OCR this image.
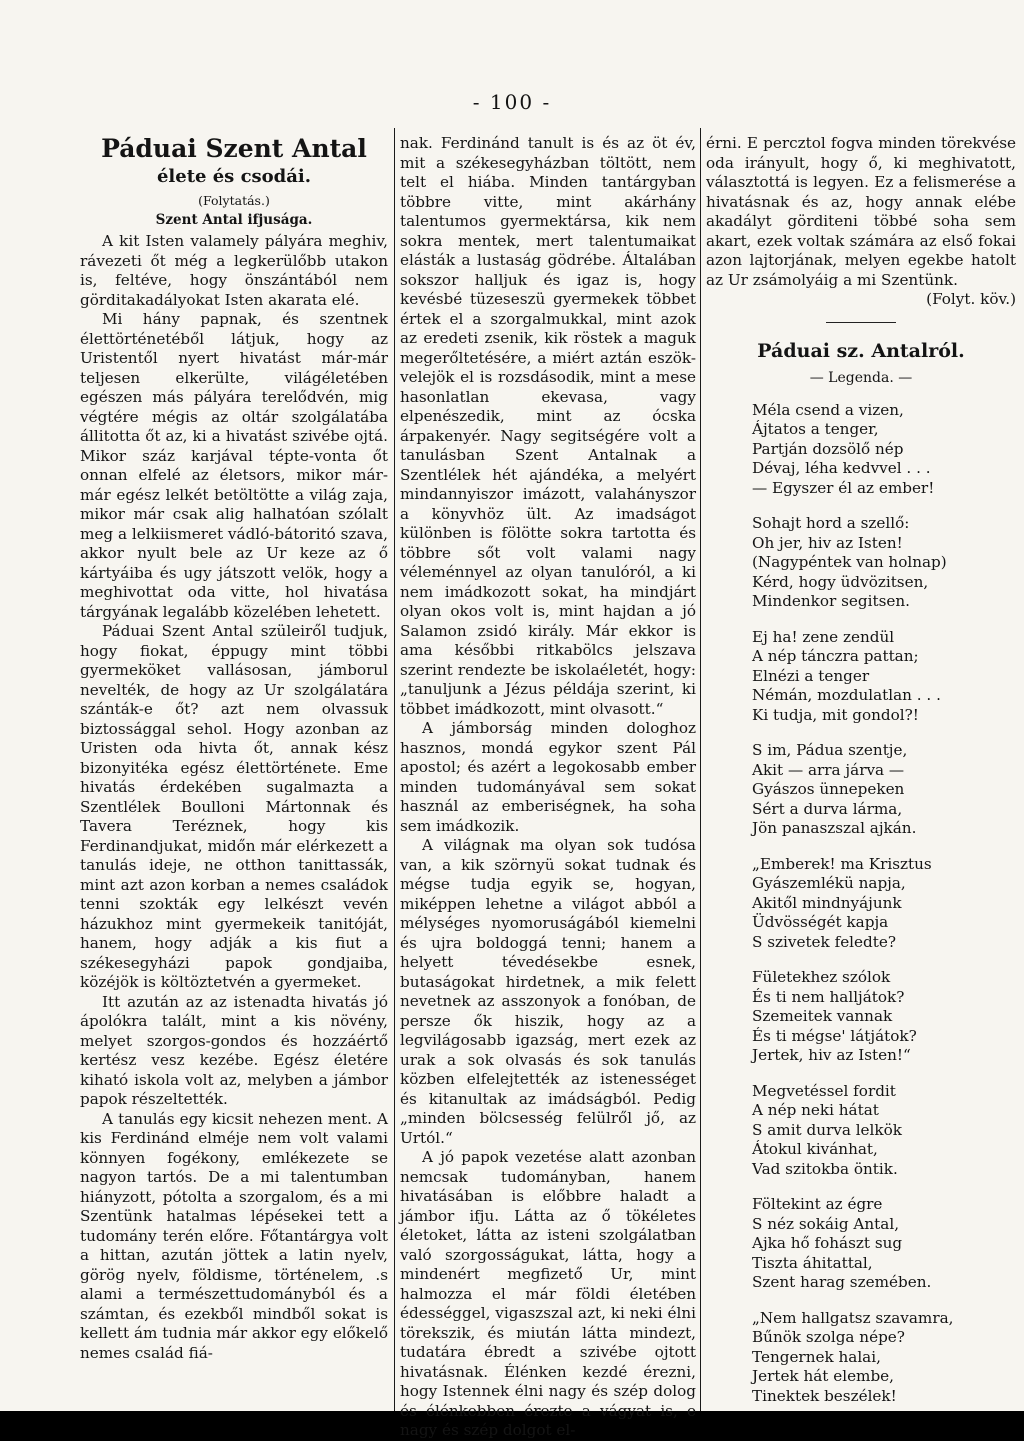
- 100 -
Páduai Szent Antal
élete és csodái.
(Folytatás.)
Szent Antal ifjusága.

A kit Isten valamely pályára meghiv, rávezeti őt még a legkerülőbb utakon is, feltéve, hogy önszántából nem görditakadályokat Isten akarata elé.

Mi hány papnak, és szentnek élettörténetéből látjuk, hogy az Uristentől nyert hivatást már-már teljesen elkerülte, világéletében egészen más pályára terelődvén, mig végtére mégis az oltár szolgálatába állitotta őt az, ki a hivatást szivébe ojtá. Mikor száz karjával tépte-vonta őt onnan elfelé az életsors, mikor már-már egész lelkét betöltötte a világ zaja, mikor már csak alig halhatóan szólalt meg a lelkiismeret vádló-bátoritó szava, akkor nyult bele az Ur keze az ő kártyáiba és ugy játszott velök, hogy a meghivottat oda vitte, hol hivatása tárgyának legalább közelében lehetett.

Páduai Szent Antal szüleiről tudjuk, hogy fiokat, éppugy mint többi gyermeköket vallásosan, jámborul nevelték, de hogy az Ur szolgálatára szánták-e őt? azt nem olvassuk biztossággal sehol. Hogy azonban az Uristen oda hivta őt, annak kész bizonyitéka egész élettörténete. Eme hivatás érdekében sugalmazta a Szentlélek Boulloni Mártonnak és Tavera Teréznek, hogy kis Ferdinandjukat, midőn már elérkezett a tanulás ideje, ne otthon tanittassák, mint azt azon korban a nemes családok tenni szokták egy lelkészt vevén házukhoz mint gyermekeik tanitóját, hanem, hogy adják a kis fiut a székesegyházi papok gondjaiba, közéjök is költöztetvén a gyermeket.

Itt azután az az istenadta hivatás jó ápolókra talált, mint a kis növény, melyet szorgos-gondos és hozzáértő kertész vesz kezébe. Egész életére kiható iskola volt az, melyben a jámbor papok részeltették.

A tanulás egy kicsit nehezen ment. A kis Ferdinánd elméje nem volt valami könnyen fogékony, emlékezete se nagyon tartós. De a mi talentumban hiányzott, pótolta a szorgalom, és a mi Szentünk hatalmas lépésekei tett a tudomány terén előre. Főtantárgya volt a hittan, azután jöttek a latin nyelv, görög nyelv, földisme, történelem, .s alami a természettudományból és a számtan, és ezekből mindből sokat is kellett ám tudnia már akkor egy előkelő nemes család fiá-

nak. Ferdinánd tanult is és az öt év, mit a székesegyházban töltött, nem telt el hiába. Minden tantárgyban többre vitte, mint akárhány talentumos gyermektársa, kik nem sokra mentek, mert talentumaikat elásták a lustaság gödrébe. Általában sokszor halljuk és igaz is, hogy kevésbé tüzeseszü gyermekek többet értek el a szorgalmukkal, mint azok az eredeti zsenik, kik röstek a maguk megerőltetésére, a miért aztán eszök-velejök el is rozsdásodik, mint a mese hasonlatlan ekevasa, vagy elpenészedik, mint az ócska árpakenyér. Nagy segitségére volt a tanulásban Szent Antalnak a Szentlélek hét ajándéka, a melyért mindannyiszor imázott, valahányszor a könyvhöz ült. Az imadságot különben is fölötte sokra tartotta és többre sőt volt valami nagy véleménnyel az olyan tanulóról, a ki nem imádkozott sokat, ha mindjárt olyan okos volt is, mint hajdan a jó Salamon zsidó király. Már ekkor is ama későbbi ritkabölcs jelszava szerint rendezte be iskolaéletét, hogy: „tanuljunk a Jézus példája szerint, ki többet imádkozott, mint olvasott.“

A jámborság minden dologhoz hasznos, mondá egykor szent Pál apostol; és azért a legokosabb ember minden tudományával sem sokat használ az emberiségnek, ha soha sem imádkozik.

A világnak ma olyan sok tudósa van, a kik szörnyü sokat tudnak és mégse tudja egyik se, hogyan, miképpen lehetne a világot abból a mélységes nyomoruságából kiemelni és ujra boldoggá tenni; hanem a helyett tévedésekbe esnek, butaságokat hirdetnek, a mik felett nevetnek az asszonyok a fonóban, de persze ők hiszik, hogy az a legvilágosabb igazság, mert ezek az urak a sok olvasás és sok tanulás közben elfelejtették az istenességet és kitanultak az imádságból. Pedig „minden bölcsesség felülről jő, az Urtól.“

A jó papok vezetése alatt azonban nemcsak tudományban, hanem hivatásában is előbbre haladt a jámbor ifju. Látta az ő tökéletes életoket, látta az isteni szolgálatban való szorgosságukat, látta, hogy a mindenért megfizető Ur, mint halmozza el már földi életében édességgel, vigaszszal azt, ki neki élni törekszik, és miután látta mindezt, tudatára ébredt a szivébe ojtott hivatásnak. Élénken kezdé érezni, hogy Istennek élni nagy és szép dolog és élénkebben érezte a vágyat is, e nagy és szép dolgot el-

érni. E percztol fogva minden törekvése oda irányult, hogy ő, ki meghivatott, választottá is legyen. Ez a felismerése a hivatásnak és az, hogy annak elébe akadályt görditeni többé soha sem akart, ezek voltak számára az első fokai azon lajtorjának, melyen egekbe hatolt az Ur zsámolyáig a mi Szentünk.

(Folyt. köv.)
Páduai sz. Antalról.
— Legenda. —
Méla csend a vizen,
Ájtatos a tenger,
Partján dozsölő nép
Dévaj, léha kedvvel . . .
— Egyszer él az ember!
Sohajt hord a szellő:
Oh jer, hiv az Isten!
(Nagypéntek van holnap)
Kérd, hogy üdvözitsen,
Mindenkor segitsen.
Ej ha! zene zendül
A nép tánczra pattan;
Elnézi a tenger
Némán, mozdulatlan . . .
Ki tudja, mit gondol?!
S im, Pádua szentje,
Akit — arra járva —
Gyászos ünnepeken
Sért a durva lárma,
Jön panaszszal ajkán.
„Emberek! ma Krisztus
Gyászemlékü napja,
Akitől mindnyájunk
Üdvösségét kapja
S szivetek feledte?
Fületekhez szólok
És ti nem halljátok?
Szemeitek vannak
És ti mégse' látjátok?
Jertek, hiv az Isten!“
Megvetéssel fordit
A nép neki hátat
S amit durva lelkök
Átokul kivánhat,
Vad szitokba öntik.
Föltekint az égre
S néz sokáig Antal,
Ajka hő fohászt sug
Tiszta áhitattal,
Szent harag szemében.
„Nem hallgatsz szavamra,
Bűnök szolga népe?
Tengernek halai,
Jertek hát elembe,
Tinektek beszélek!
